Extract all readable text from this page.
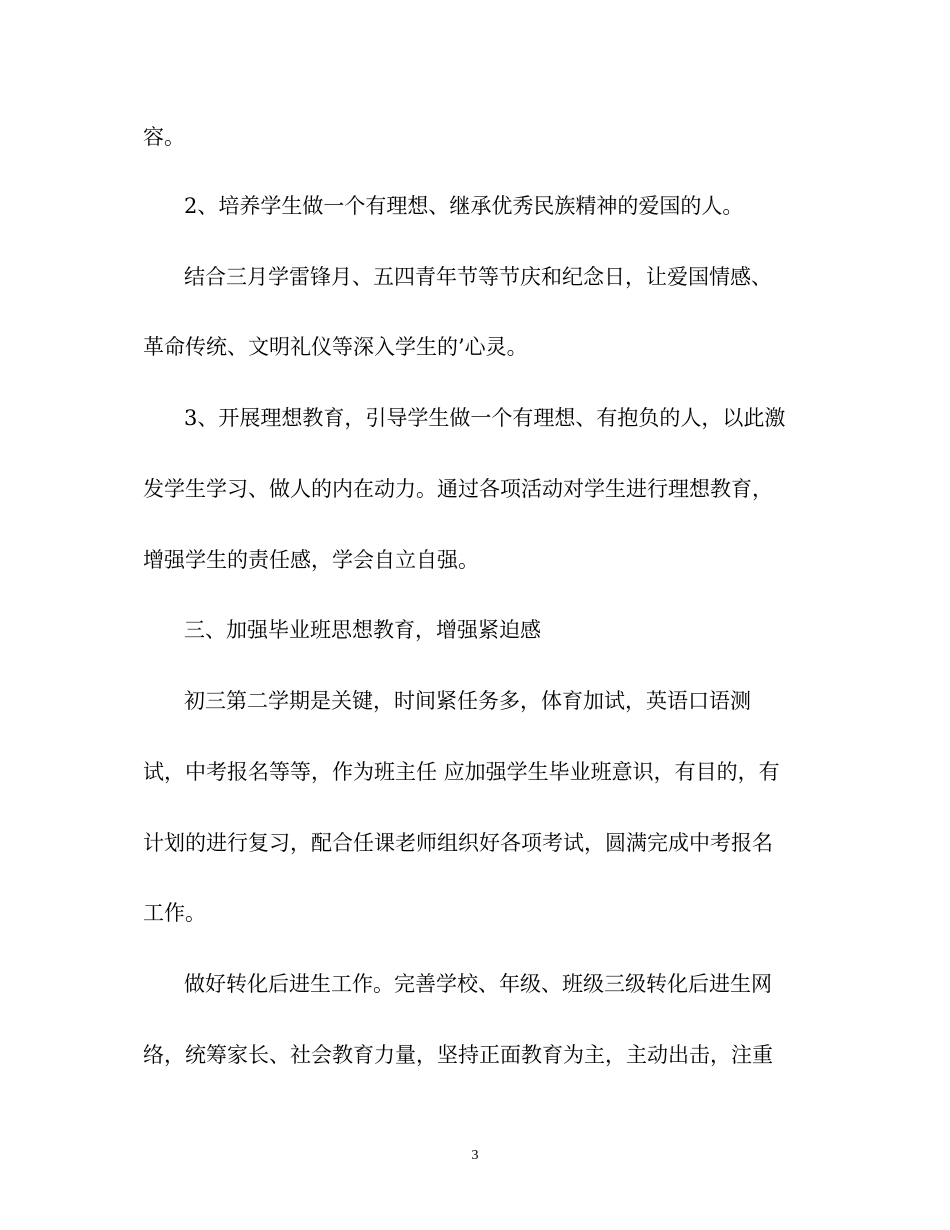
容。
2、培养学生做一个有理想、继承优秀民族精神的爱国的人。
结合三月学雷锋月、五四青年节等节庆和纪念日，让爱国情感、
革命传统、文明礼仪等深入学生的’心灵。
3、开展理想教育，引导学生做一个有理想、有抱负的人，以此激
发学生学习、做人的内在动力。通过各项活动对学生进行理想教育，
增强学生的责任感，学会自立自强。
三、加强毕业班思想教育，增强紧迫感
初三第二学期是关键，时间紧任务多，体育加试，英语口语测
试，中考报名等等，作为班主任 应加强学生毕业班意识，有目的，有
计划的进行复习，配合任课老师组织好各项考试，圆满完成中考报名
工作。
做好转化后进生工作。完善学校、年级、班级三级转化后进生网
络，统筹家长、社会教育力量，坚持正面教育为主，主动出击，注重
3
